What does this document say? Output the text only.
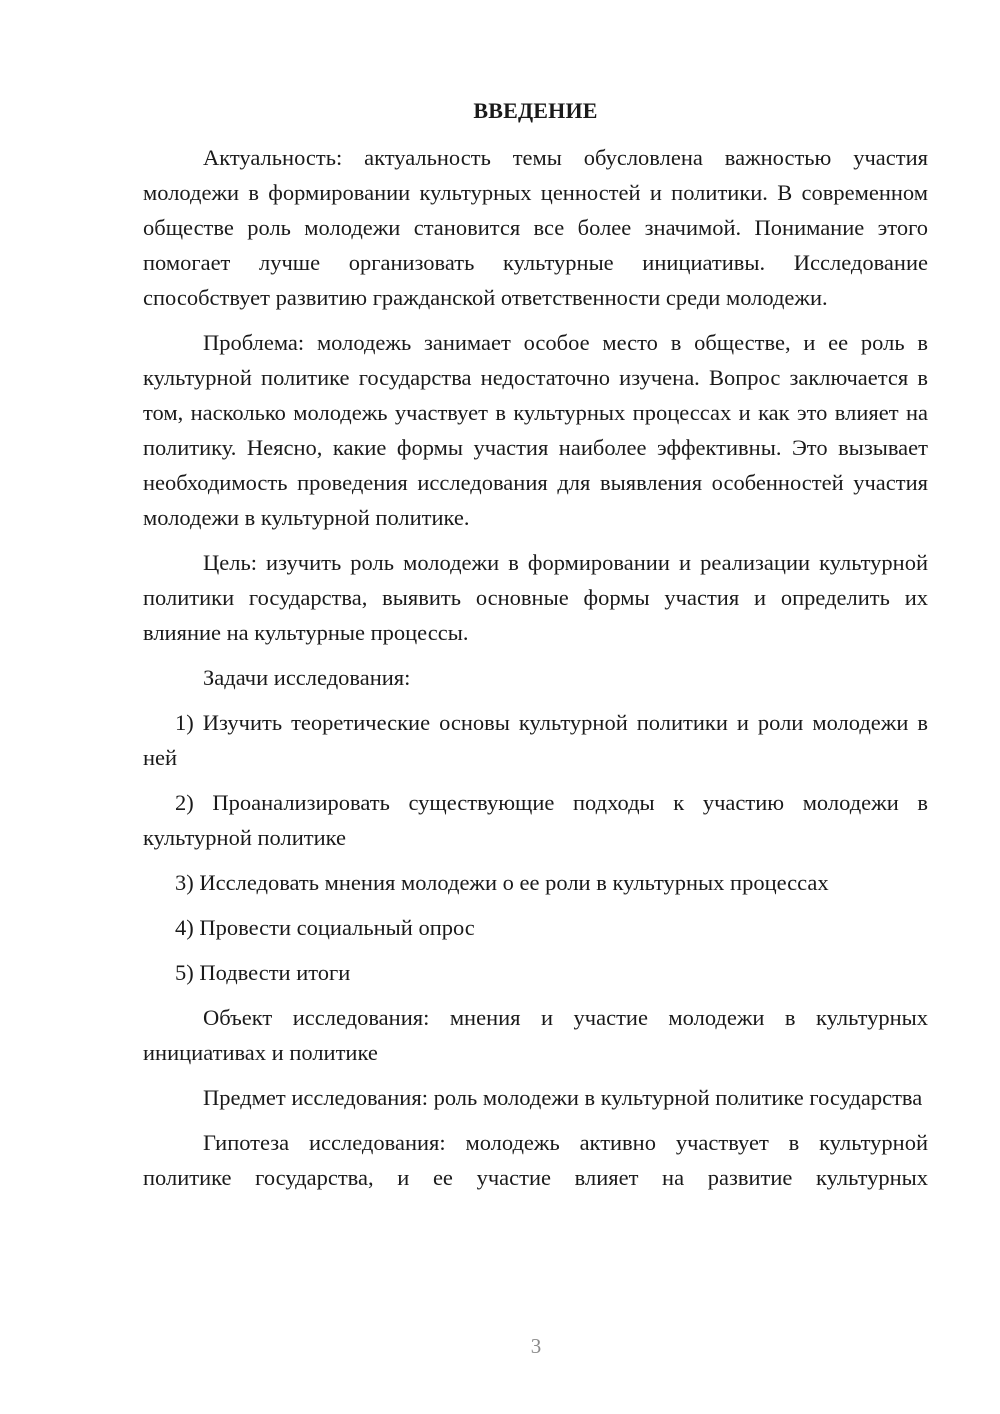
ВВЕДЕНИЕ

Актуальность: актуальность темы обусловлена важностью участия молодежи в формировании культурных ценностей и политики. В современном обществе роль молодежи становится все более значимой. Понимание этого помогает лучше организовать культурные инициативы. Исследование способствует развитию гражданской ответственности среди молодежи.

Проблема: молодежь занимает особое место в обществе, и ее роль в культурной политике государства недостаточно изучена. Вопрос заключается в том, насколько молодежь участвует в культурных процессах и как это влияет на политику. Неясно, какие формы участия наиболее эффективны. Это вызывает необходимость проведения исследования для выявления особенностей участия молодежи в культурной политике.

Цель: изучить роль молодежи в формировании и реализации культурной политики государства, выявить основные формы участия и определить их влияние на культурные процессы.

Задачи исследования:

1) Изучить теоретические основы культурной политики и роли молодежи в ней

2) Проанализировать существующие подходы к участию молодежи в культурной политике

3) Исследовать мнения молодежи о ее роли в культурных процессах

4) Провести социальный опрос

5) Подвести итоги

Объект исследования: мнения и участие молодежи в культурных инициативах и политике

Предмет исследования: роль молодежи в культурной политике государства

Гипотеза исследования: молодежь активно участвует в культурной политике государства, и ее участие влияет на развитие культурных

3
